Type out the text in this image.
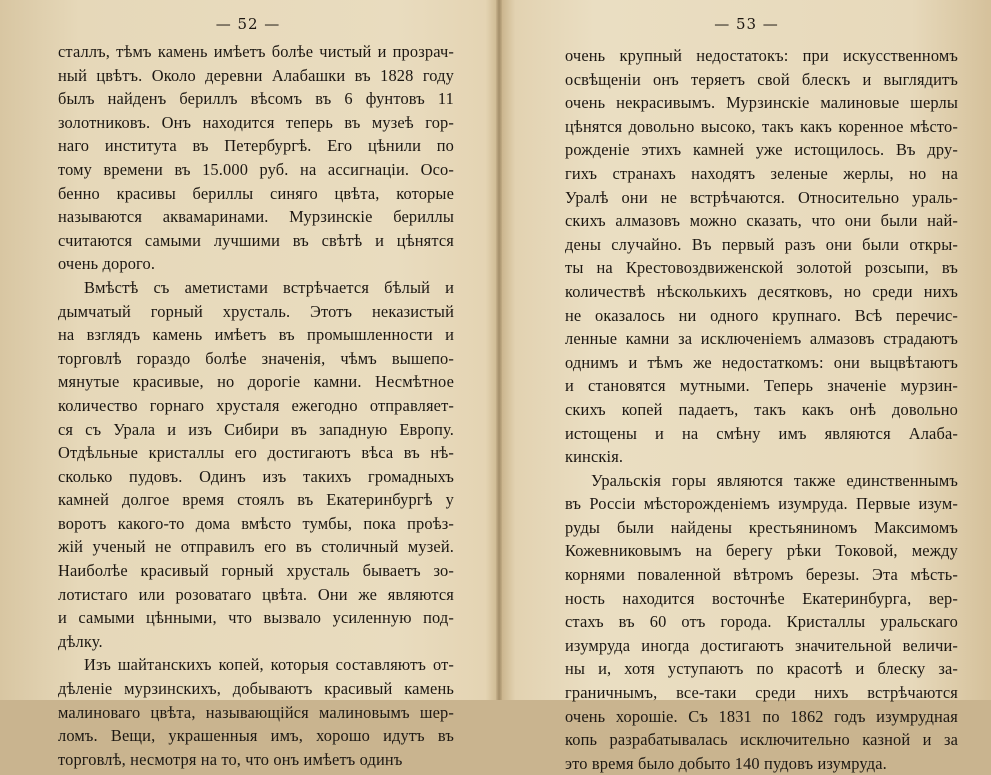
— 52 —
сталлъ, тѣмъ камень имѣетъ болѣе чистый и прозрач-
ный цвѣтъ. Около деревни Алабашки въ 1828 году
былъ найденъ бериллъ вѣсомъ въ 6 фунтовъ 11
золотниковъ. Онъ находится теперь въ музеѣ гор-
наго института въ Петербургѣ. Его цѣнили по
тому времени въ 15.000 руб. на ассигнаціи. Осо-
бенно красивы бериллы синяго цвѣта, которые
называются аквамаринами. Мурзинскіе бериллы
считаются самыми лучшими въ свѣтѣ и цѣнятся
очень дорого.
Вмѣстѣ съ аметистами встрѣчается бѣлый и
дымчатый горный хрусталь. Этотъ неказистый
на взглядъ камень имѣетъ въ промышленности и
торговлѣ гораздо болѣе значенія, чѣмъ вышепо-
мянутые красивые, но дорогіе камни. Несмѣтное
количество горнаго хрусталя ежегодно отправляет-
ся съ Урала и изъ Сибири въ западную Европу.
Отдѣльные кристаллы его достигаютъ вѣса въ нѣ-
сколько пудовъ. Одинъ изъ такихъ громадныхъ
камней долгое время стоялъ въ Екатеринбургѣ у
воротъ какого-то дома вмѣсто тумбы, пока проѣз-
жій ученый не отправилъ его въ столичный музей.
Наиболѣе красивый горный хрусталь бываетъ зо-
лотистаго или розоватаго цвѣта. Они же являются
и самыми цѣнными, что вызвало усиленную под-
дѣлку.
Изъ шайтанскихъ копей, которыя составляютъ от-
дѣленіе мурзинскихъ, добываютъ красивый камень
малиноваго цвѣта, называющійся малиновымъ шер-
ломъ. Вещи, украшенныя имъ, хорошо идутъ въ
торговлѣ, несмотря на то, что онъ имѣетъ одинъ
— 53 —
очень крупный недостатокъ: при искусственномъ
освѣщеніи онъ теряетъ свой блескъ и выглядитъ
очень некрасивымъ. Мурзинскіе малиновые шерлы
цѣнятся довольно высоко, такъ какъ коренное мѣсто-
рожденіе этихъ камней уже истощилось. Въ дру-
гихъ странахъ находятъ зеленые жерлы, но на
Уралѣ они не встрѣчаются. Относительно ураль-
скихъ алмазовъ можно сказать, что они были най-
дены случайно. Въ первый разъ они были откры-
ты на Крестовоздвиженской золотой розсыпи, въ
количествѣ нѣсколькихъ десятковъ, но среди нихъ
не оказалось ни одного крупнаго. Всѣ перечис-
ленные камни за исключеніемъ алмазовъ страдаютъ
однимъ и тѣмъ же недостаткомъ: они выцвѣтаютъ
и становятся мутными. Теперь значеніе мурзин-
скихъ копей падаетъ, такъ какъ онѣ довольно
истощены и на смѣну имъ являются Алаба-
кинскія.
Уральскія горы являются также единственнымъ
въ Россіи мѣсторожденіемъ изумруда. Первые изум-
руды были найдены крестьяниномъ Максимомъ
Кожевниковымъ на берегу рѣки Токовой, между
корнями поваленной вѣтромъ березы. Эта мѣсть-
ность находится восточнѣе Екатеринбурга, вер-
стахъ въ 60 отъ города. Кристаллы уральскаго
изумруда иногда достигаютъ значительной величи-
ны и, хотя уступаютъ по красотѣ и блеску за-
граничнымъ, все-таки среди нихъ встрѣчаются
очень хорошіе. Съ 1831 по 1862 годъ изумрудная
копь разрабатывалась исключительно казной и за
это время было добыто 140 пудовъ изумруда.
